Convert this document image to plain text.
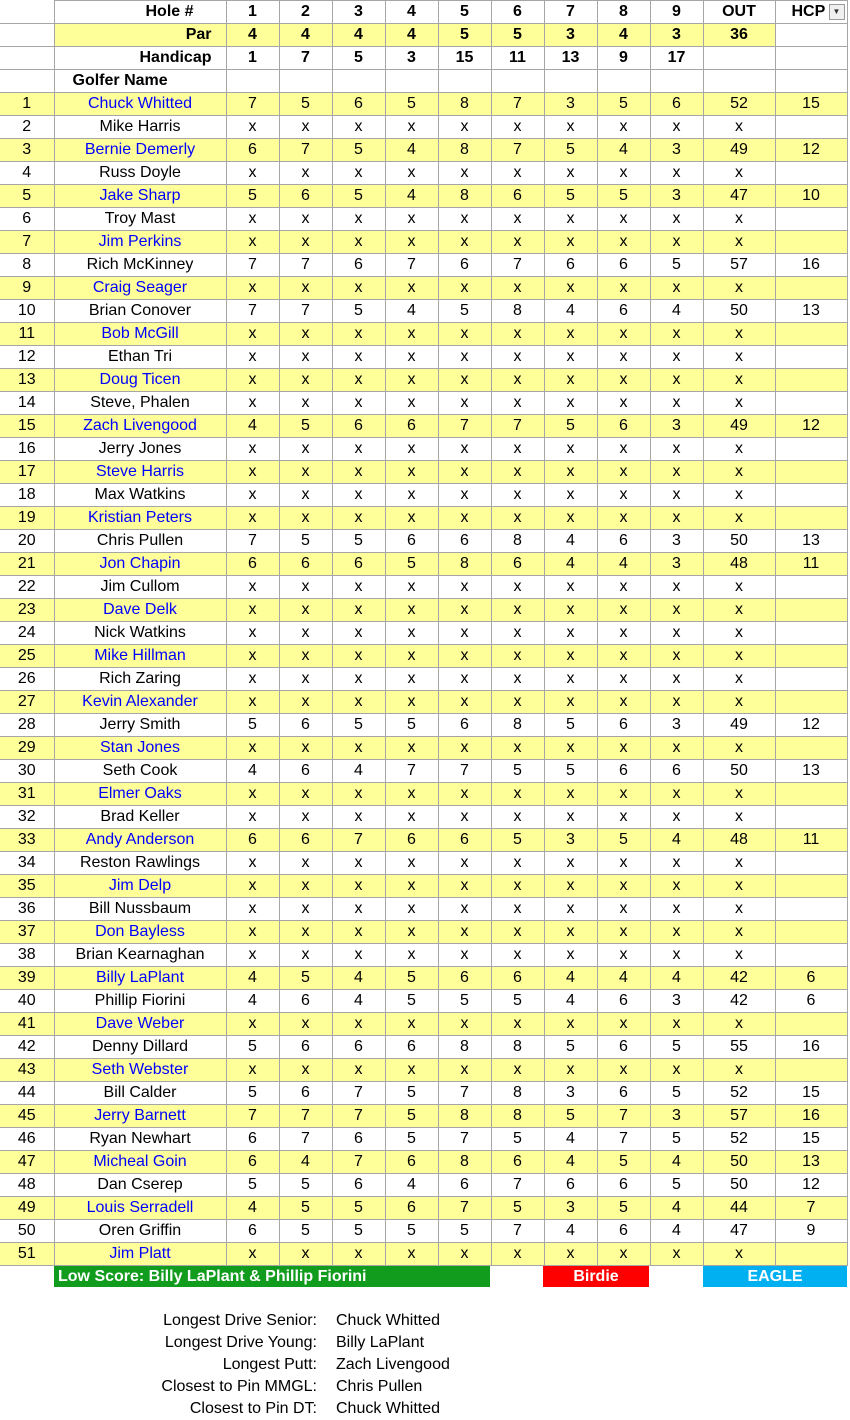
	Hole #	1	2	3	4	5	6	7	8	9	OUT	HCP ▼

	Par	4	4	4	4	5	5	3	4	3	36	
	Handicap	1	7	5	3	15	11	13	9	17		
	Golfer Name											
1	Chuck Whitted	7	5	6	5	8	7	3	5	6	52	15
2	Mike Harris	x	x	x	x	x	x	x	x	x	x	
3	Bernie Demerly	6	7	5	4	8	7	5	4	3	49	12
4	Russ Doyle	x	x	x	x	x	x	x	x	x	x	
5	Jake Sharp	5	6	5	4	8	6	5	5	3	47	10
6	Troy Mast	x	x	x	x	x	x	x	x	x	x	
7	Jim Perkins	x	x	x	x	x	x	x	x	x	x	
8	Rich McKinney	7	7	6	7	6	7	6	6	5	57	16
9	Craig Seager	x	x	x	x	x	x	x	x	x	x	
10	Brian Conover	7	7	5	4	5	8	4	6	4	50	13
11	Bob McGill	x	x	x	x	x	x	x	x	x	x	
12	Ethan Tri	x	x	x	x	x	x	x	x	x	x	
13	Doug Ticen	x	x	x	x	x	x	x	x	x	x	
14	Steve, Phalen	x	x	x	x	x	x	x	x	x	x	
15	Zach Livengood	4	5	6	6	7	7	5	6	3	49	12
16	Jerry Jones	x	x	x	x	x	x	x	x	x	x	
17	Steve Harris	x	x	x	x	x	x	x	x	x	x	
18	Max Watkins	x	x	x	x	x	x	x	x	x	x	
19	Kristian Peters	x	x	x	x	x	x	x	x	x	x	
20	Chris Pullen	7	5	5	6	6	8	4	6	3	50	13
21	Jon Chapin	6	6	6	5	8	6	4	4	3	48	11
22	Jim Cullom	x	x	x	x	x	x	x	x	x	x	
23	Dave Delk	x	x	x	x	x	x	x	x	x	x	
24	Nick Watkins	x	x	x	x	x	x	x	x	x	x	
25	Mike Hillman	x	x	x	x	x	x	x	x	x	x	
26	Rich Zaring	x	x	x	x	x	x	x	x	x	x	
27	Kevin Alexander	x	x	x	x	x	x	x	x	x	x	
28	Jerry Smith	5	6	5	5	6	8	5	6	3	49	12
29	Stan Jones	x	x	x	x	x	x	x	x	x	x	
30	Seth Cook	4	6	4	7	7	5	5	6	6	50	13
31	Elmer Oaks	x	x	x	x	x	x	x	x	x	x	
32	Brad Keller	x	x	x	x	x	x	x	x	x	x	
33	Andy Anderson	6	6	7	6	6	5	3	5	4	48	11
34	Reston Rawlings	x	x	x	x	x	x	x	x	x	x	
35	Jim Delp	x	x	x	x	x	x	x	x	x	x	
36	Bill Nussbaum	x	x	x	x	x	x	x	x	x	x	
37	Don Bayless	x	x	x	x	x	x	x	x	x	x	
38	Brian Kearnaghan	x	x	x	x	x	x	x	x	x	x	
39	Billy LaPlant	4	5	4	5	6	6	4	4	4	42	6
40	Phillip Fiorini	4	6	4	5	5	5	4	6	3	42	6
41	Dave Weber	x	x	x	x	x	x	x	x	x	x	
42	Denny Dillard	5	6	6	6	8	8	5	6	5	55	16
43	Seth Webster	x	x	x	x	x	x	x	x	x	x	
44	Bill Calder	5	6	7	5	7	8	3	6	5	52	15
45	Jerry Barnett	7	7	7	5	8	8	5	7	3	57	16
46	Ryan Newhart	6	7	6	5	7	5	4	7	5	52	15
47	Micheal Goin	6	4	7	6	8	6	4	5	4	50	13
48	Dan Cserep	5	5	6	4	6	7	6	6	5	50	12
49	Louis Serradell	4	5	5	6	7	5	3	5	4	44	7
50	Oren Griffin	6	5	5	5	5	7	4	6	4	47	9
51	Jim Platt	x	x	x	x	x	x	x	x	x	x	
Low Score: Billy LaPlant & Phillip Fiorini	Birdie	EAGLE
Longest Drive Senior: Chuck Whitted
Longest Drive Young: Billy LaPlant
Longest Putt: Zach Livengood
Closest to Pin MMGL: Chris Pullen
Closest to Pin DT: Chuck Whitted
